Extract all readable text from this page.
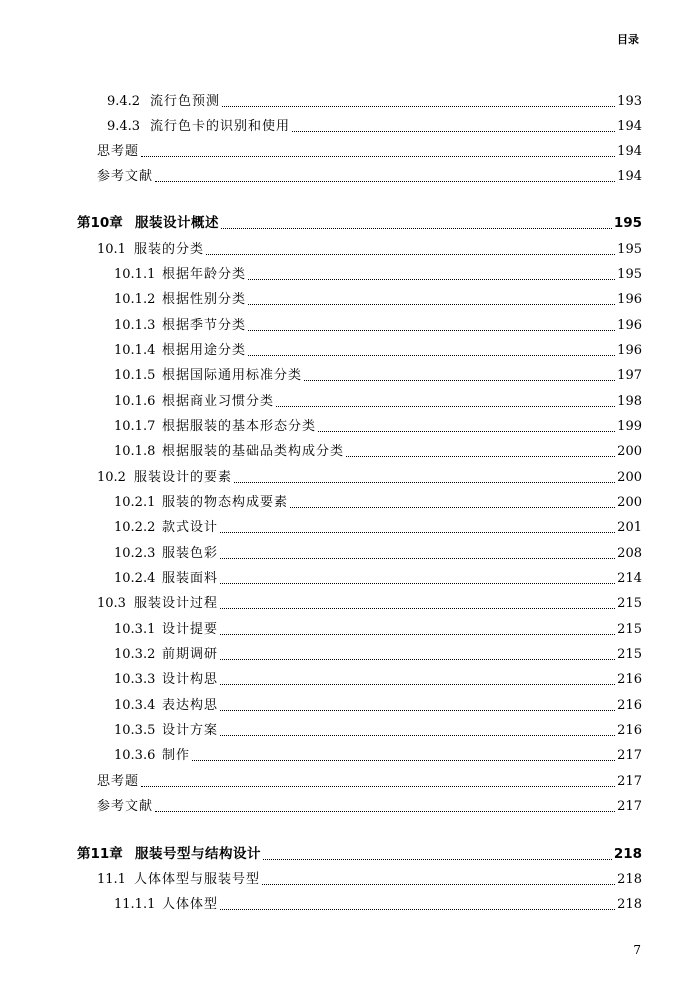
目录
9.4.2 流行色预测	193
9.4.3 流行色卡的识别和使用	194
思考题	194
参考文献	194
第10章 服装设计概述	195
10.1 服装的分类	195
10.1.1 根据年龄分类	195
10.1.2 根据性别分类	196
10.1.3 根据季节分类	196
10.1.4 根据用途分类	196
10.1.5 根据国际通用标准分类	197
10.1.6 根据商业习惯分类	198
10.1.7 根据服装的基本形态分类	199
10.1.8 根据服装的基础品类构成分类	200
10.2 服装设计的要素	200
10.2.1 服装的物态构成要素	200
10.2.2 款式设计	201
10.2.3 服装色彩	208
10.2.4 服装面料	214
10.3 服装设计过程	215
10.3.1 设计提要	215
10.3.2 前期调研	215
10.3.3 设计构思	216
10.3.4 表达构思	216
10.3.5 设计方案	216
10.3.6 制作	217
思考题	217
参考文献	217
第11章 服装号型与结构设计	218
11.1 人体体型与服装号型	218
11.1.1 人体体型	218
7
